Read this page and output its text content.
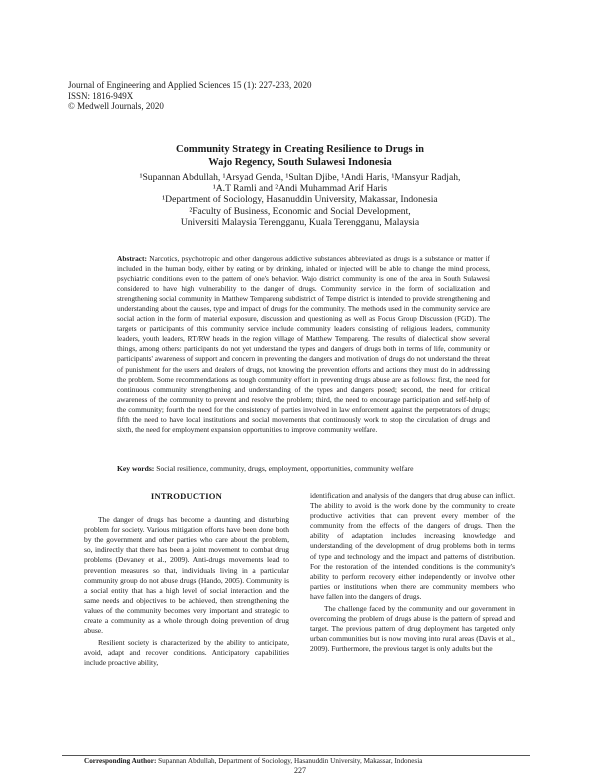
Journal of Engineering and Applied Sciences 15 (1): 227-233, 2020
ISSN: 1816-949X
© Medwell Journals, 2020
Community Strategy in Creating Resilience to Drugs in
Wajo Regency, South Sulawesi Indonesia
¹Supannan Abdullah, ¹Arsyad Genda, ¹Sultan Djibe, ¹Andi Haris, ¹Mansyur Radjah,
¹A.T Ramli and ²Andi Muhammad Arif Haris
¹Department of Sociology, Hasanuddin University, Makassar, Indonesia
²Faculty of Business, Economic and Social Development,
Universiti Malaysia Terengganu, Kuala Terengganu, Malaysia
Abstract: Narcotics, psychotropic and other dangerous addictive substances abbreviated as drugs is a substance or matter if included in the human body, either by eating or by drinking, inhaled or injected will be able to change the mind process, psychiatric conditions even to the pattern of one's behavior. Wajo district community is one of the area in South Sulawesi considered to have high vulnerability to the danger of drugs. Community service in the form of socialization and strengthening social community in Matthew Tempareng subdistrict of Tempe district is intended to provide strengthening and understanding about the causes, type and impact of drugs for the community. The methods used in the community service are social action in the form of material exposure, discussion and questioning as well as Focus Group Discussion (FGD). The targets or participants of this community service include community leaders consisting of religious leaders, community leaders, youth leaders, RT/RW heads in the region village of Matthew Tempareng. The results of dialectical show several things, among others: participants do not yet understand the types and dangers of drugs both in terms of life, community or participants' awareness of support and concern in preventing the dangers and motivation of drugs do not understand the threat of punishment for the users and dealers of drugs, not knowing the prevention efforts and actions they must do in addressing the problem. Some recommendations as tough community effort in preventing drugs abuse are as follows: first, the need for continuous community strengthening and understanding of the types and dangers posed; second, the need for critical awareness of the community to prevent and resolve the problem; third, the need to encourage participation and self-help of the community; fourth the need for the consistency of parties involved in law enforcement against the perpetrators of drugs; fifth the need to have local institutions and social movements that continuously work to stop the circulation of drugs and sixth, the need for employment expansion opportunities to improve community welfare.
Key words: Social resilience, community, drugs, employment, opportunities, community welfare
INTRODUCTION

The danger of drugs has become a daunting and disturbing problem for society. Various mitigation efforts have been done both by the government and other parties who care about the problem, so, indirectly that there has been a joint movement to combat drug problems (Devaney et al., 2009). Anti-drugs movements lead to prevention measures so that, individuals living in a particular community group do not abuse drugs (Hando, 2005). Community is a social entity that has a high level of social interaction and the same needs and objectives to be achieved, then strengthening the values of the community becomes very important and strategic to create a community as a whole through doing prevention of drug abuse.

Resilient society is characterized by the ability to anticipate, avoid, adapt and recover conditions. Anticipatory capabilities include proactive ability,

identification and analysis of the dangers that drug abuse can inflict. The ability to avoid is the work done by the community to create productive activities that can prevent every member of the community from the effects of the dangers of drugs. Then the ability of adaptation includes increasing knowledge and understanding of the development of drug problems both in terms of type and technology and the impact and patterns of distribution. For the restoration of the intended conditions is the community's ability to perform recovery either independently or involve other parties or institutions when there are community members who have fallen into the dangers of drugs.

The challenge faced by the community and our government in overcoming the problem of drugs abuse is the pattern of spread and target. The previous pattern of drug deployment has targeted only urban communities but is now moving into rural areas (Davis et al., 2009). Furthermore, the previous target is only adults but the

Corresponding Author: Supannan Abdullah, Department of Sociology, Hasanuddin University, Makassar, Indonesia
227
